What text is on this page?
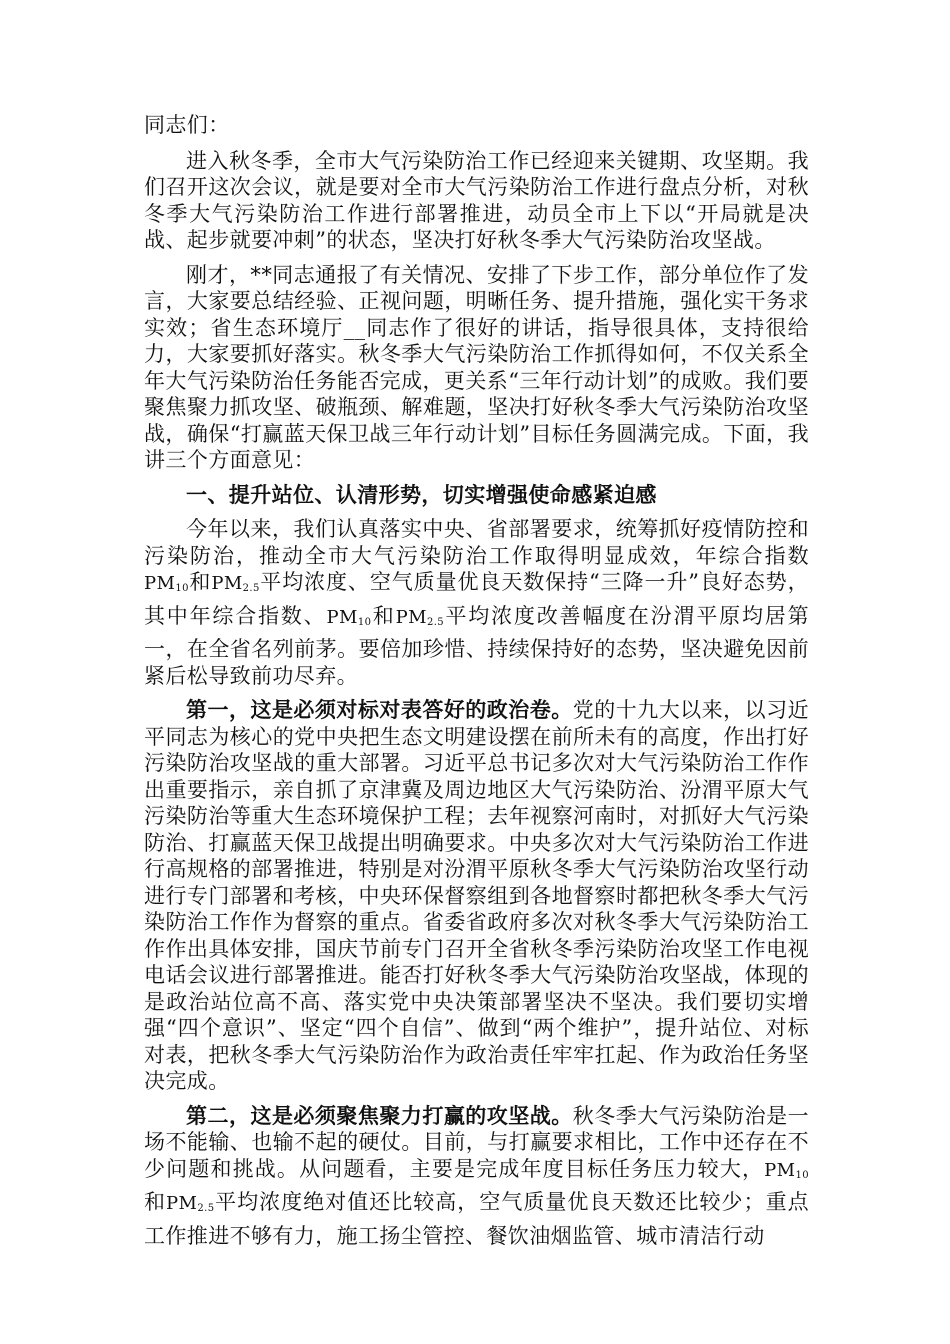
同志们：

进入秋冬季，全市大气污染防治工作已经迎来关键期、攻坚期。我们召开这次会议，就是要对全市大气污染防治工作进行盘点分析，对秋冬季大气污染防治工作进行部署推进，动员全市上下以“开局就是决战、起步就要冲刺”的状态，坚决打好秋冬季大气污染防治攻坚战。

刚才，**同志通报了有关情况、安排了下步工作，部分单位作了发言，大家要总结经验、正视问题，明晰任务、提升措施，强化实干务求实效；省生态环境厅__同志作了很好的讲话，指导很具体，支持很给力，大家要抓好落实。秋冬季大气污染防治工作抓得如何，不仅关系全年大气污染防治任务能否完成，更关系“三年行动计划”的成败。我们要聚焦聚力抓攻坚、破瓶颈、解难题，坚决打好秋冬季大气污染防治攻坚战，确保“打赢蓝天保卫战三年行动计划”目标任务圆满完成。下面，我讲三个方面意见：

一、提升站位、认清形势，切实增强使命感紧迫感

今年以来，我们认真落实中央、省部署要求，统筹抓好疫情防控和污染防治，推动全市大气污染防治工作取得明显成效，年综合指数$PM_{10}$和$PM_{2.5}$平均浓度、空气质量优良天数保持“三降一升”良好态势，其中年综合指数、$PM_{10}$和$PM_{2.5}$平均浓度改善幅度在汾渭平原均居第一，在全省名列前茅。要倍加珍惜、持续保持好的态势，坚决避免因前紧后松导致前功尽弃。

第一，这是必须对标对表答好的政治卷。党的十九大以来，以习近平同志为核心的党中央把生态文明建设摆在前所未有的高度，作出打好污染防治攻坚战的重大部署。习近平总书记多次对大气污染防治工作作出重要指示，亲自抓了京津冀及周边地区大气污染防治、汾渭平原大气污染防治等重大生态环境保护工程；去年视察河南时，对抓好大气污染防治、打赢蓝天保卫战提出明确要求。中央多次对大气污染防治工作进行高规格的部署推进，特别是对汾渭平原秋冬季大气污染防治攻坚行动进行专门部署和考核，中央环保督察组到各地督察时都把秋冬季大气污染防治工作作为督察的重点。省委省政府多次对秋冬季大气污染防治工作作出具体安排，国庆节前专门召开全省秋冬季污染防治攻坚工作电视电话会议进行部署推进。能否打好秋冬季大气污染防治攻坚战，体现的是政治站位高不高、落实党中央决策部署坚决不坚决。我们要切实增强“四个意识”、坚定“四个自信”、做到“两个维护”，提升站位、对标对表，把秋冬季大气污染防治作为政治责任牢牢扛起、作为政治任务坚决完成。

第二，这是必须聚焦聚力打赢的攻坚战。秋冬季大气污染防治是一场不能输、也输不起的硬仗。目前，与打赢要求相比，工作中还存在不少问题和挑战。从问题看，主要是完成年度目标任务压力较大，$PM_{10}$和$PM_{2.5}$平均浓度绝对值还比较高，空气质量优良天数还比较少；重点工作推进不够有力，施工扬尘管控、餐饮油烟监管、城市清洁行动
